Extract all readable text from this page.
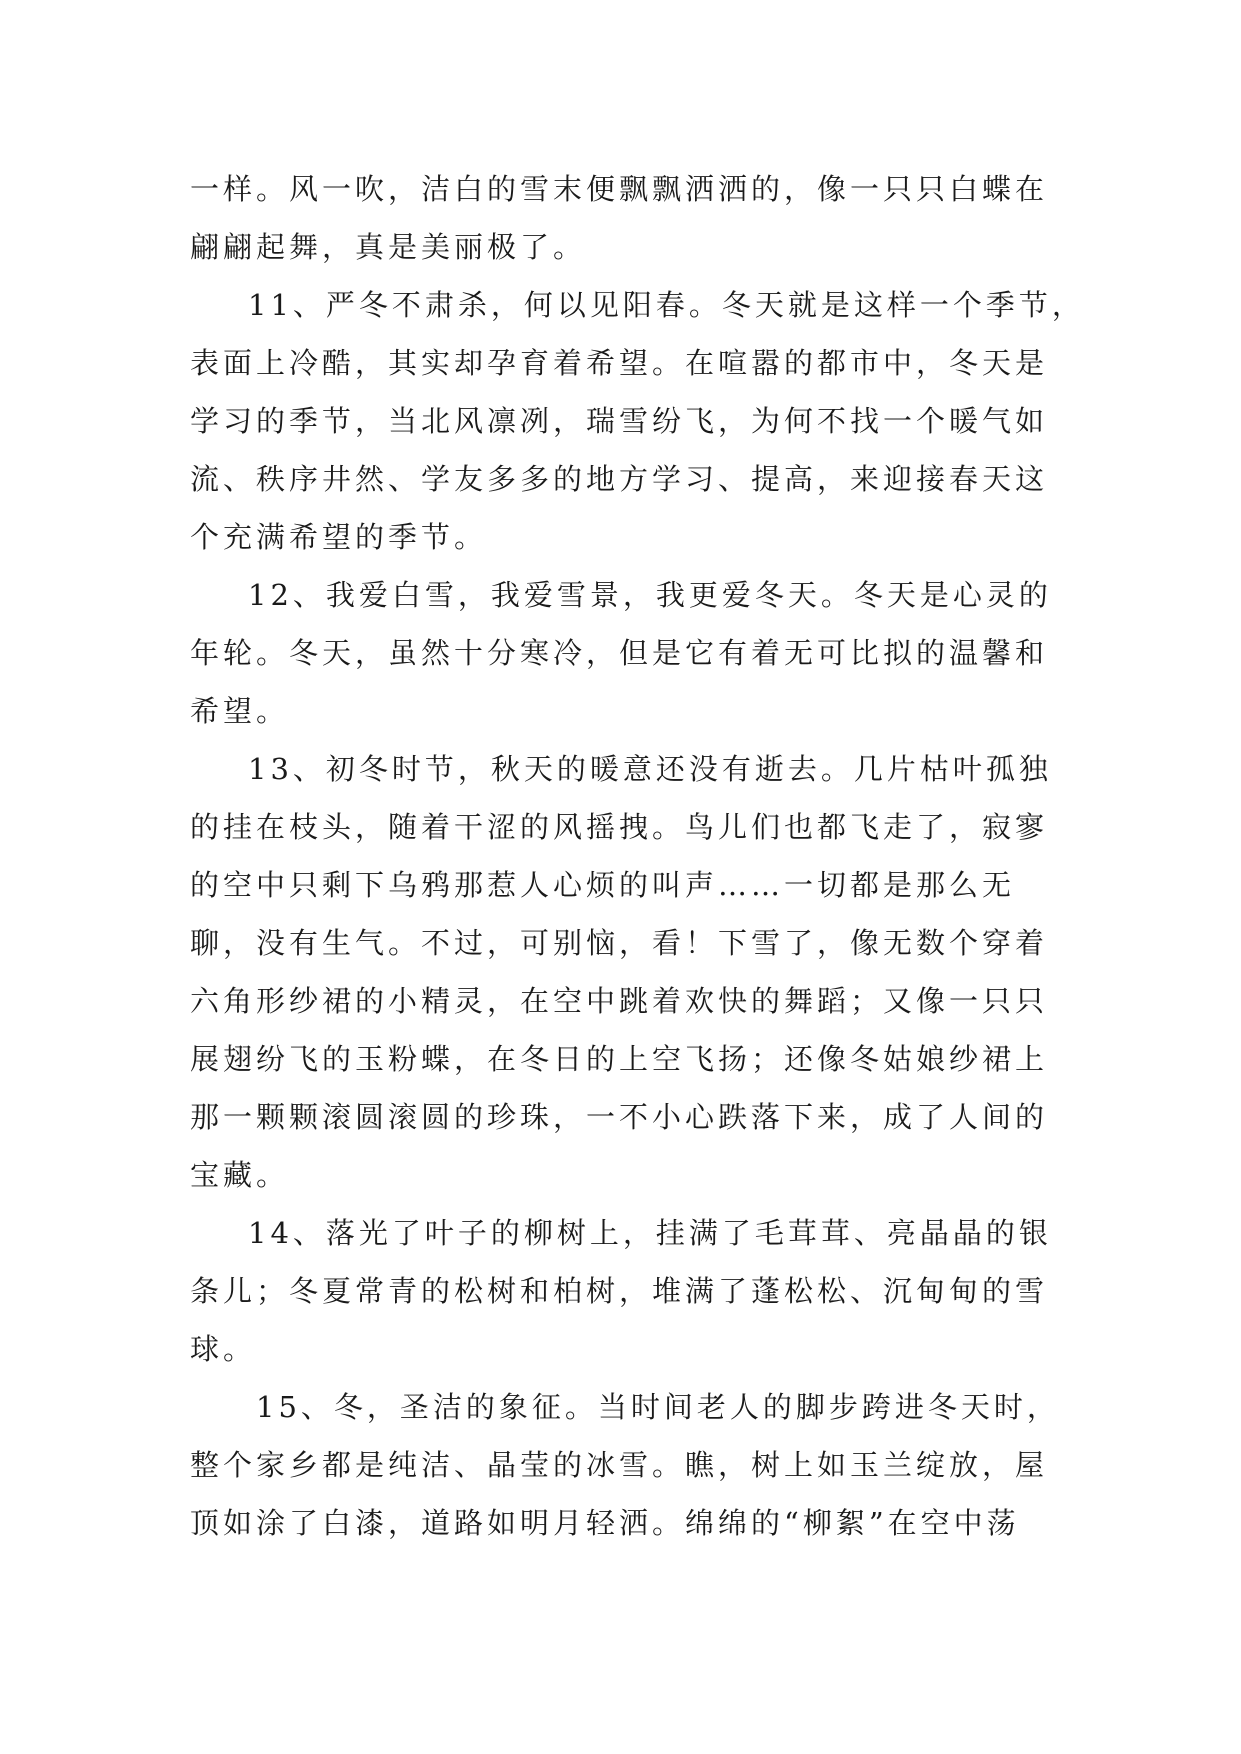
一样。风一吹，洁白的雪末便飘飘洒洒的，像一只只白蝶在
翩翩起舞，真是美丽极了。
11、严冬不肃杀，何以见阳春。冬天就是这样一个季节，
表面上冷酷，其实却孕育着希望。在喧嚣的都市中，冬天是
学习的季节，当北风凛冽，瑞雪纷飞，为何不找一个暖气如
流、秩序井然、学友多多的地方学习、提高，来迎接春天这
个充满希望的季节。
12、我爱白雪，我爱雪景，我更爱冬天。冬天是心灵的
年轮。冬天，虽然十分寒冷，但是它有着无可比拟的温馨和
希望。
13、初冬时节，秋天的暖意还没有逝去。几片枯叶孤独
的挂在枝头，随着干涩的风摇拽。鸟儿们也都飞走了，寂寥
的空中只剩下乌鸦那惹人心烦的叫声……一切都是那么无
聊，没有生气。不过，可别恼，看！下雪了，像无数个穿着
六角形纱裙的小精灵，在空中跳着欢快的舞蹈；又像一只只
展翅纷飞的玉粉蝶，在冬日的上空飞扬；还像冬姑娘纱裙上
那一颗颗滚圆滚圆的珍珠，一不小心跌落下来，成了人间的
宝藏。
14、落光了叶子的柳树上，挂满了毛茸茸、亮晶晶的银
条儿；冬夏常青的松树和柏树，堆满了蓬松松、沉甸甸的雪
球。
15、冬，圣洁的象征。当时间老人的脚步跨进冬天时，
整个家乡都是纯洁、晶莹的冰雪。瞧，树上如玉兰绽放，屋
顶如涂了白漆，道路如明月轻洒。绵绵的“柳絮”在空中荡
